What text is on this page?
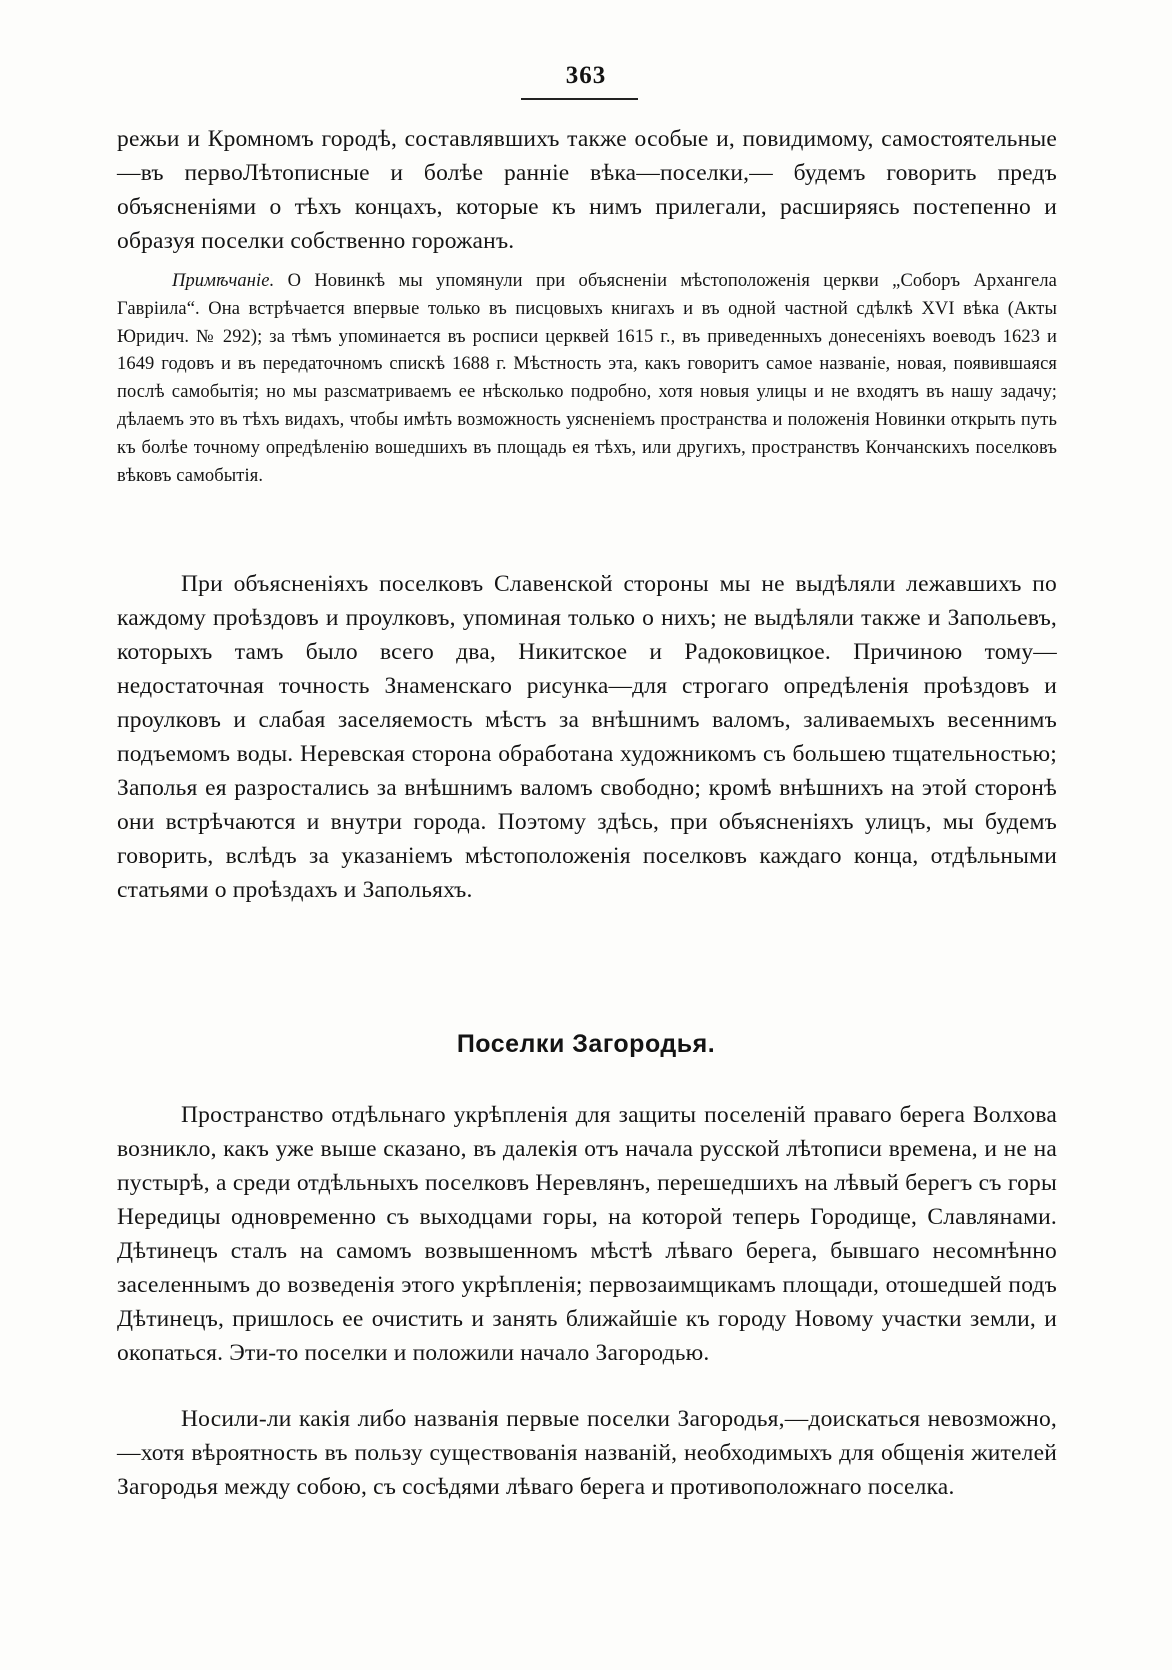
363

режьи и Кромномъ городѣ, составлявшихъ также особые и, повидимому, самостоятельные—въ первоЛѣтописные и болѣе ранніе вѣка—поселки,— будемъ говорить предъ объясненіями о тѣхъ концахъ, которые къ нимъ прилегали, расширяясь постепенно и образуя поселки собственно горожанъ.

Примѣчаніе. О Новинкѣ мы упомянули при объясненіи мѣстоположенія церкви „Соборъ Архангела Гавріила“. Она встрѣчается впервые только въ писцовыхъ книгахъ и въ одной частной сдѣлкѣ XVI вѣка (Акты Юридич. № 292); за тѣмъ упоминается въ росписи церквей 1615 г., въ приведенныхъ донесеніяхъ воеводъ 1623 и 1649 годовъ и въ передаточномъ спискѣ 1688 г. Мѣстность эта, какъ говоритъ самое названіе, новая, появившаяся послѣ самобытія; но мы разсматриваемъ ее нѣсколько подробно, хотя новыя улицы и не входятъ въ нашу задачу; дѣлаемъ это въ тѣхъ видахъ, чтобы имѣть возможность уясненіемъ пространства и положенія Новинки открыть путь къ болѣе точному опредѣленію вошедшихъ въ площадь ея тѣхъ, или другихъ, пространствъ Кончанскихъ поселковъ вѣковъ самобытія.

При объясненіяхъ поселковъ Славенской стороны мы не выдѣляли лежавшихъ по каждому проѣздовъ и проулковъ, упоминая только о нихъ; не выдѣляли также и Запольевъ, которыхъ тамъ было всего два, Никитское и Радоковицкое. Причиною тому—недостаточная точность Знаменскаго рисунка—для строгаго опредѣленія проѣздовъ и проулковъ и слабая заселяемость мѣстъ за внѣшнимъ валомъ, заливаемыхъ весеннимъ подъемомъ воды. Неревская сторона обработана художникомъ съ большею тщательностью; Заполья ея разростались за внѣшнимъ валомъ свободно; кромѣ внѣшнихъ на этой сторонѣ они встрѣчаются и внутри города. Поэтому здѣсь, при объясненіяхъ улицъ, мы будемъ говорить, вслѣдъ за указаніемъ мѣстоположенія поселковъ каждаго конца, отдѣльными статьями о проѣздахъ и Запольяхъ.

Поселки Загородья.

Пространство отдѣльнаго укрѣпленія для защиты поселеній праваго берега Волхова возникло, какъ уже выше сказано, въ далекія отъ начала русской лѣтописи времена, и не на пустырѣ, а среди отдѣльныхъ поселковъ Неревлянъ, перешедшихъ на лѣвый берегъ съ горы Нередицы одновременно съ выходцами горы, на которой теперь Городище, Славлянами. Дѣтинецъ сталъ на самомъ возвышенномъ мѣстѣ лѣваго берега, бывшаго несомнѣнно заселеннымъ до возведенія этого укрѣпленія; первозаимщикамъ площади, отошедшей подъ Дѣтинецъ, пришлось ее очистить и занять ближайшіе къ городу Новому участки земли, и окопаться. Эти-то поселки и положили начало Загородью.

Носили-ли какія либо названія первые поселки Загородья,—доискаться невозможно,—хотя вѣроятность въ пользу существованія названій, необходимыхъ для общенія жителей Загородья между собою, съ сосѣдями лѣваго берега и противоположнаго поселка.
